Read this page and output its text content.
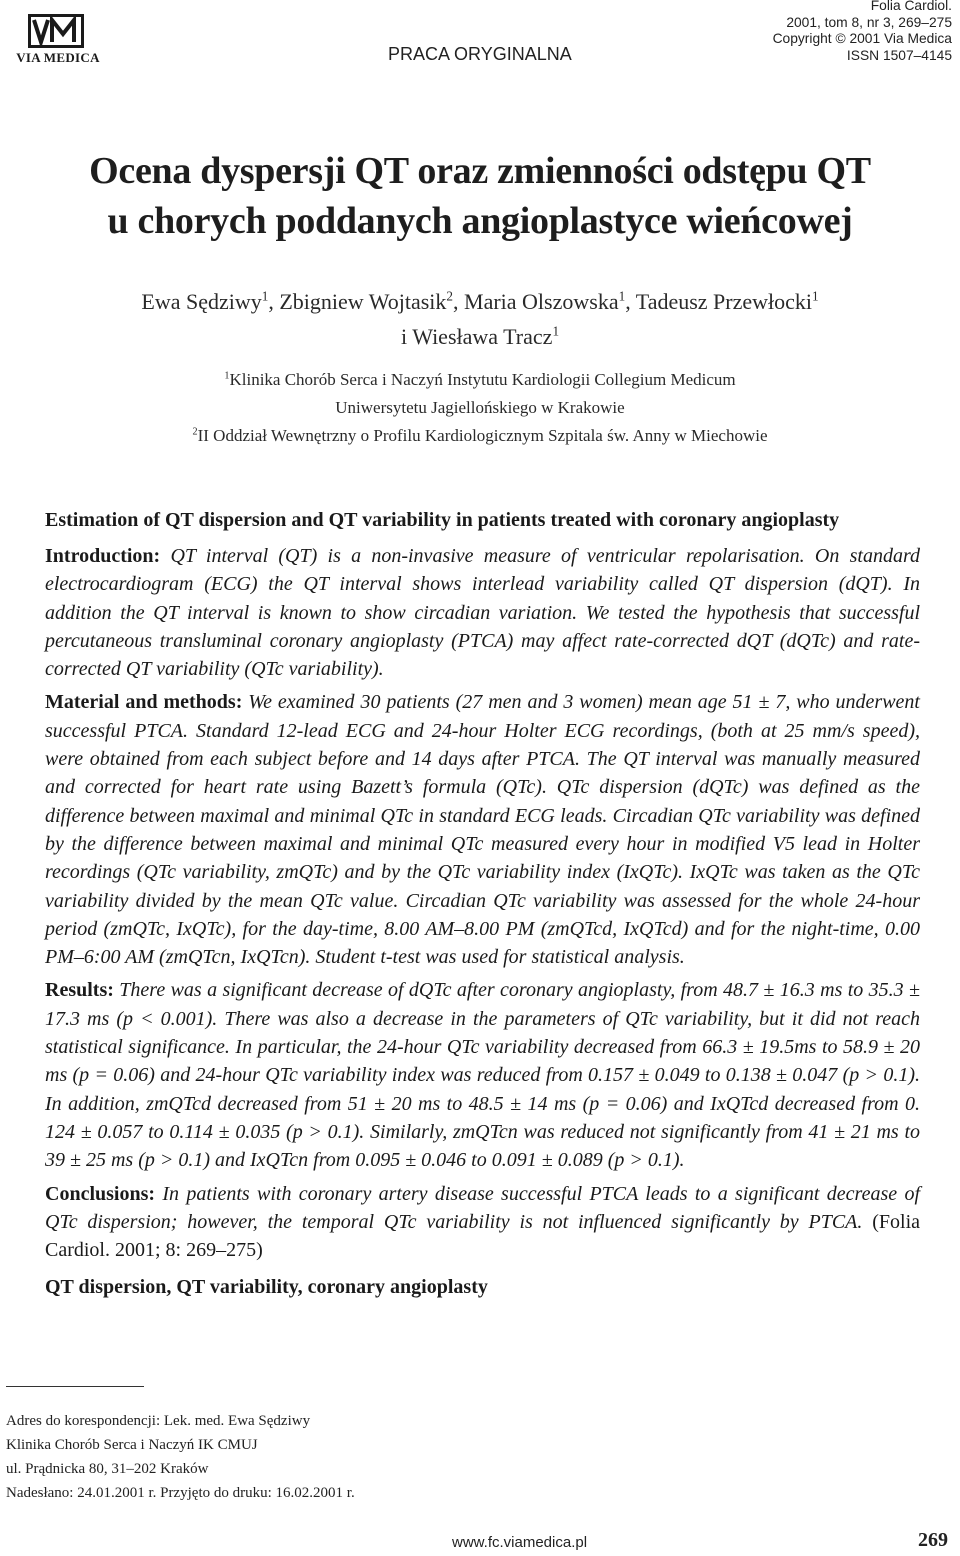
VIA MEDICA	PRACA ORYGINALNA
Folia Cardiol.
2001, tom 8, nr 3, 269–275
Copyright © 2001 Via Medica
ISSN 1507–4145
Ocena dyspersji QT oraz zmienności odstępu QT
u chorych poddanych angioplastyce wieńcowej
Ewa Sędziwy$^1$, Zbigniew Wojtasik$^2$, Maria Olszowska$^1$, Tadeusz Przewłocki$^1$
i Wiesława Tracz$^1$
$^1$Klinika Chorób Serca i Naczyń Instytutu Kardiologii Collegium Medicum
Uniwersytetu Jagiellońskiego w Krakowie
$^2$II Oddział Wewnętrzny o Profilu Kardiologicznym Szpitala św. Anny w Miechowie
Estimation of QT dispersion and QT variability in patients treated with coronary angioplasty

Introduction: QT interval (QT) is a non-invasive measure of ventricular repolarisation. On standard electrocardiogram (ECG) the QT interval shows interlead variability called QT dispersion (dQT). In addition the QT interval is known to show circadian variation. We tested the hypothesis that successful percutaneous transluminal coronary angioplasty (PTCA) may affect rate-corrected dQT (dQTc) and rate-corrected QT variability (QTc variability).

Material and methods: We examined 30 patients (27 men and 3 women) mean age 51 ± 7, who underwent successful PTCA. Standard 12-lead ECG and 24-hour Holter ECG recordings, (both at 25 mm/s speed), were obtained from each subject before and 14 days after PTCA. The QT interval was manually measured and corrected for heart rate using Bazett’s formula (QTc). QTc dispersion (dQTc) was defined as the difference between maximal and minimal QTc in standard ECG leads. Circadian QTc variability was defined by the difference between maximal and minimal QTc measured every hour in modified V5 lead in Holter recordings (QTc variability, zmQTc) and by the QTc variability index (IxQTc). IxQTc was taken as the QTc variability divided by the mean QTc value. Circadian QTc variability was assessed for the whole 24-hour period (zmQTc, IxQTc), for the day-time, 8.00 AM–8.00 PM (zmQTcd, IxQTcd) and for the night-time, 0.00 PM–6:00 AM (zmQTcn, IxQTcn). Student t-test was used for statistical analysis.

Results: There was a significant decrease of dQTc after coronary angioplasty, from 48.7 ± 16.3 ms to 35.3 ± 17.3 ms (p < 0.001). There was also a decrease in the parameters of QTc variability, but it did not reach statistical significance. In particular, the 24-hour QTc variability decreased from 66.3 ± 19.5ms to 58.9 ± 20 ms (p = 0.06) and 24-hour QTc variability index was reduced from 0.157 ± 0.049 to 0.138 ± 0.047 (p > 0.1). In addition, zmQTcd decreased from 51 ± 20 ms to 48.5 ± 14 ms (p = 0.06) and IxQTcd decreased from 0. 124 ± 0.057 to 0.114 ± 0.035 (p > 0.1). Similarly, zmQTcn was reduced not significantly from 41 ± 21 ms to 39 ± 25 ms (p > 0.1) and IxQTcn from 0.095 ± 0.046 to 0.091 ± 0.089 (p > 0.1).

Conclusions: In patients with coronary artery disease successful PTCA leads to a significant decrease of QTc dispersion; however, the temporal QTc variability is not influenced significantly by PTCA. (Folia Cardiol. 2001; 8: 269–275)

QT dispersion, QT variability, coronary angioplasty
Adres do korespondencji: Lek. med. Ewa Sędziwy
Klinika Chorób Serca i Naczyń IK CMUJ
ul. Prądnicka 80, 31–202 Kraków
Nadesłano: 24.01.2001 r. Przyjęto do druku: 16.02.2001 r.
www.fc.viamedica.pl	269
